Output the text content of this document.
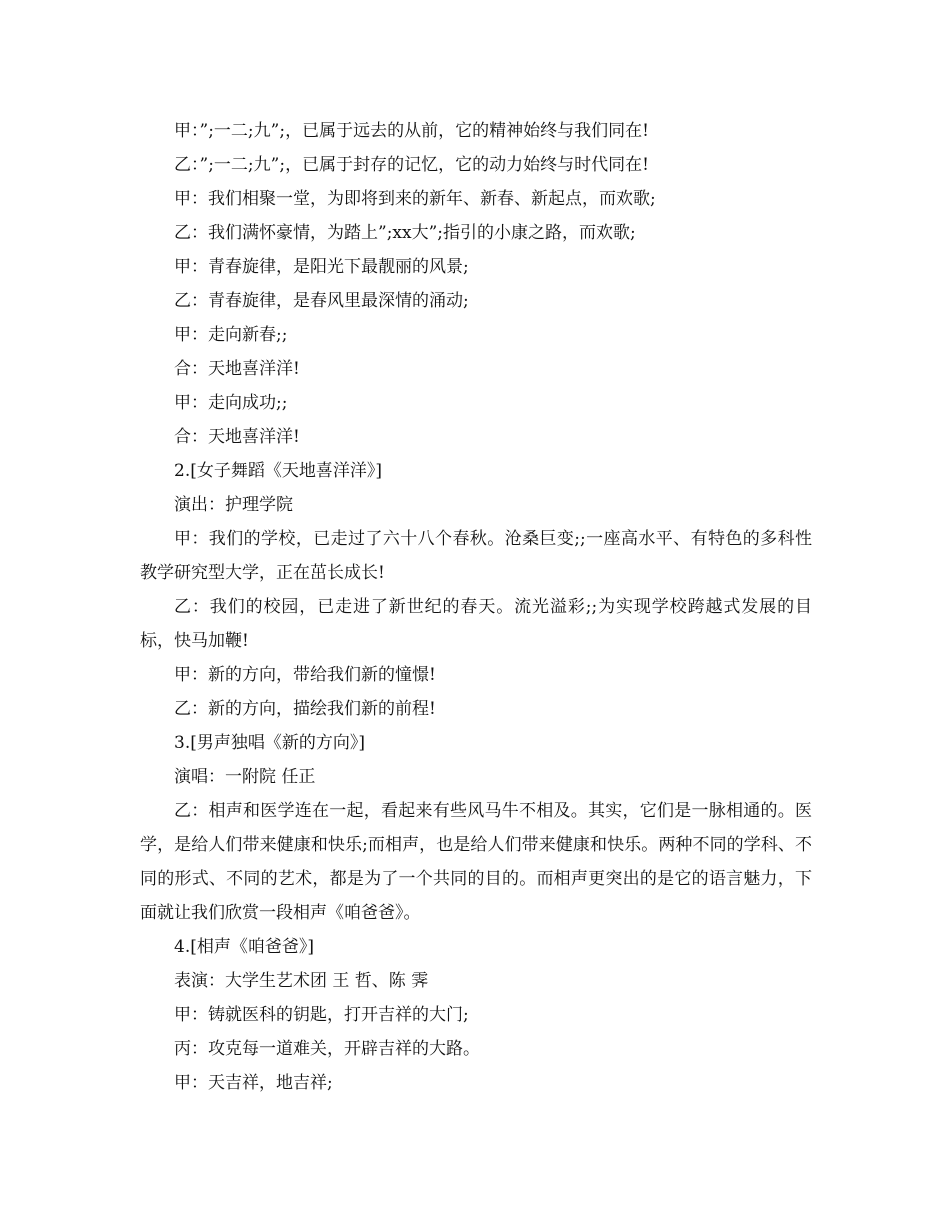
甲：”;一二;九”;，已属于远去的从前，它的精神始终与我们同在!

乙：”;一二;九”;，已属于封存的记忆，它的动力始终与时代同在!

甲：我们相聚一堂，为即将到来的新年、新春、新起点，而欢歌;

乙：我们满怀豪情，为踏上”;xx大”;指引的小康之路，而欢歌;

甲：青春旋律，是阳光下最靓丽的风景;

乙：青春旋律，是春风里最深情的涌动;

甲：走向新春;;

合：天地喜洋洋!

甲：走向成功;;

合：天地喜洋洋!

2.[女子舞蹈《天地喜洋洋》]

演出：护理学院

甲：我们的学校，已走过了六十八个春秋。沧桑巨变;;一座高水平、有特色的多科性教学研究型大学，正在茁长成长!

乙：我们的校园，已走进了新世纪的春天。流光溢彩;;为实现学校跨越式发展的目标，快马加鞭!

甲：新的方向，带给我们新的憧憬!

乙：新的方向，描绘我们新的前程!

3.[男声独唱《新的方向》]

演唱：一附院 任正

乙：相声和医学连在一起，看起来有些风马牛不相及。其实，它们是一脉相通的。医学，是给人们带来健康和快乐;而相声，也是给人们带来健康和快乐。两种不同的学科、不同的形式、不同的艺术，都是为了一个共同的目的。而相声更突出的是它的语言魅力，下面就让我们欣赏一段相声《咱爸爸》。

4.[相声《咱爸爸》]

表演：大学生艺术团 王 哲、陈 霁

甲：铸就医科的钥匙，打开吉祥的大门;

丙：攻克每一道难关，开辟吉祥的大路。

甲：天吉祥，地吉祥;
